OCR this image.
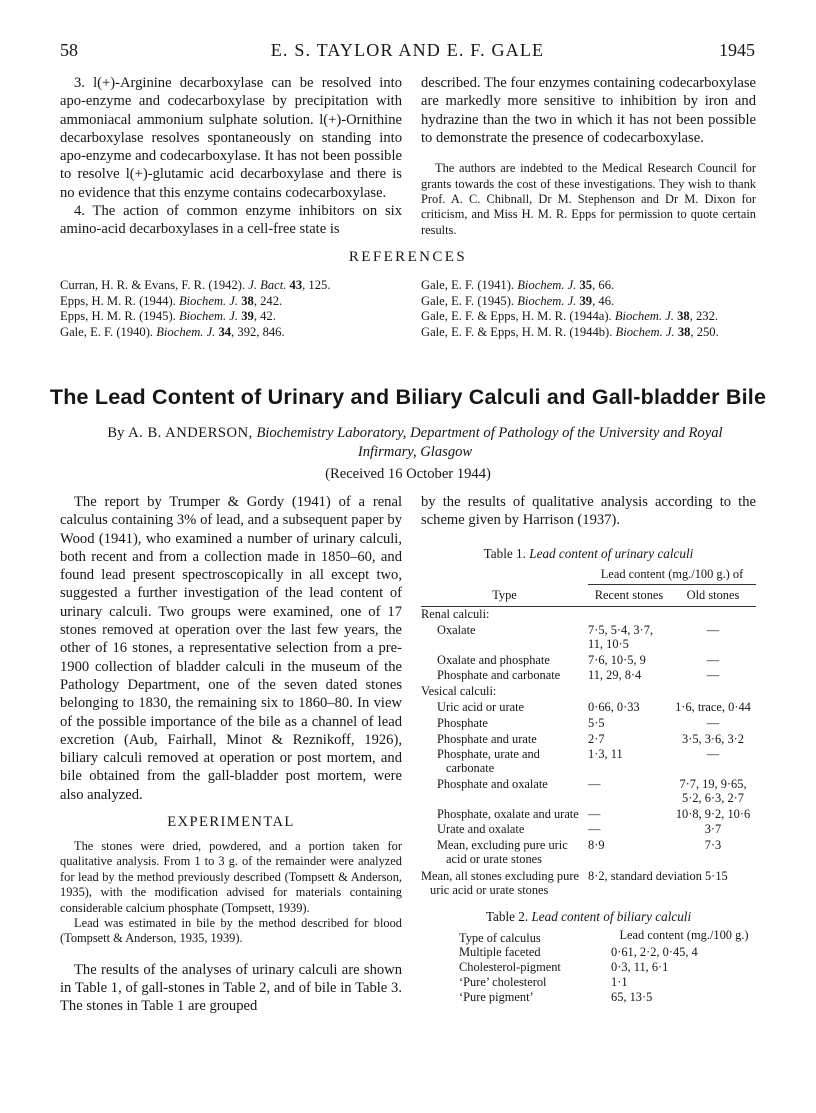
58	E. S. TAYLOR AND E. F. GALE	1945

3. l(+)-Arginine decarboxylase can be resolved into apo-enzyme and codecarboxylase by precipitation with ammoniacal ammonium sulphate solution. l(+)-Ornithine decarboxylase resolves spontaneously on standing into apo-enzyme and codecarboxylase. It has not been possible to resolve l(+)-glutamic acid decarboxylase and there is no evidence that this enzyme contains codecarboxylase.

4. The action of common enzyme inhibitors on six amino-acid decarboxylases in a cell-free state is

described. The four enzymes containing codecarboxylase are markedly more sensitive to inhibition by iron and hydrazine than the two in which it has not been possible to demonstrate the presence of codecarboxylase.

The authors are indebted to the Medical Research Council for grants towards the cost of these investigations. They wish to thank Prof. A. C. Chibnall, Dr M. Stephenson and Dr M. Dixon for criticism, and Miss H. M. R. Epps for permission to quote certain results.

REFERENCES
Curran, H. R. & Evans, F. R. (1942). J. Bact. 43, 125.
Epps, H. M. R. (1944). Biochem. J. 38, 242.
Epps, H. M. R. (1945). Biochem. J. 39, 42.
Gale, E. F. (1940). Biochem. J. 34, 392, 846.
Gale, E. F. (1941). Biochem. J. 35, 66.
Gale, E. F. (1945). Biochem. J. 39, 46.
Gale, E. F. & Epps, H. M. R. (1944a). Biochem. J. 38, 232.
Gale, E. F. & Epps, H. M. R. (1944b). Biochem. J. 38, 250.
The Lead Content of Urinary and Biliary Calculi and Gall-bladder Bile
By A. B. ANDERSON, Biochemistry Laboratory, Department of Pathology of the University and Royal Infirmary, Glasgow
(Received 16 October 1944)

The report by Trumper & Gordy (1941) of a renal calculus containing 3% of lead, and a subsequent paper by Wood (1941), who examined a number of urinary calculi, both recent and from a collection made in 1850–60, and found lead present spectroscopically in all except two, suggested a further investigation of the lead content of urinary calculi. Two groups were examined, one of 17 stones removed at operation over the last few years, the other of 16 stones, a representative selection from a pre-1900 collection of bladder calculi in the museum of the Pathology Department, one of the seven dated stones belonging to 1830, the remaining six to 1860–80. In view of the possible importance of the bile as a channel of lead excretion (Aub, Fairhall, Minot & Reznikoff, 1926), biliary calculi removed at operation or post mortem, and bile obtained from the gall-bladder post mortem, were also analyzed.

EXPERIMENTAL

The stones were dried, powdered, and a portion taken for qualitative analysis. From 1 to 3 g. of the remainder were analyzed for lead by the method previously described (Tompsett & Anderson, 1935), with the modification advised for materials containing considerable calcium phosphate (Tompsett, 1939).

Lead was estimated in bile by the method described for blood (Tompsett & Anderson, 1935, 1939).

The results of the analyses of urinary calculi are shown in Table 1, of gall-stones in Table 2, and of bile in Table 3. The stones in Table 1 are grouped

by the results of qualitative analysis according to the scheme given by Harrison (1937).

Table 1. Lead content of urinary calculi
	Lead content (mg./100 g.) of	
Type	Recent stones	Old stones

Renal calculi:		
Oxalate	7·5, 5·4, 3·7, 11, 10·5	—
Oxalate and phosphate	7·6, 10·5, 9	—
Phosphate and carbonate	11, 29, 8·4	—
Vesical calculi:		
Uric acid or urate	0·66, 0·33	1·6, trace, 0·44
Phosphate	5·5	—
Phosphate and urate	2·7	3·5, 3·6, 3·2
Phosphate, urate and carbonate	1·3, 11	—
Phosphate and oxalate	—	7·7, 19, 9·65, 5·2, 6·3, 2·7
Phosphate, oxalate and urate	—	10·8, 9·2, 10·6
Urate and oxalate	—	3·7
Mean, excluding pure uric acid or urate stones	8·9	7·3
Mean, all stones excluding pure uric acid or urate stones	8·2, standard deviation 5·15	
Table 2. Lead content of biliary calculi
Type of calculus	Lead content (mg./100 g.)
Multiple faceted	0·61, 2·2, 0·45, 4
Cholesterol-pigment	0·3, 11, 6·1
‘Pure’ cholesterol	1·1
‘Pure pigment’	65, 13·5
